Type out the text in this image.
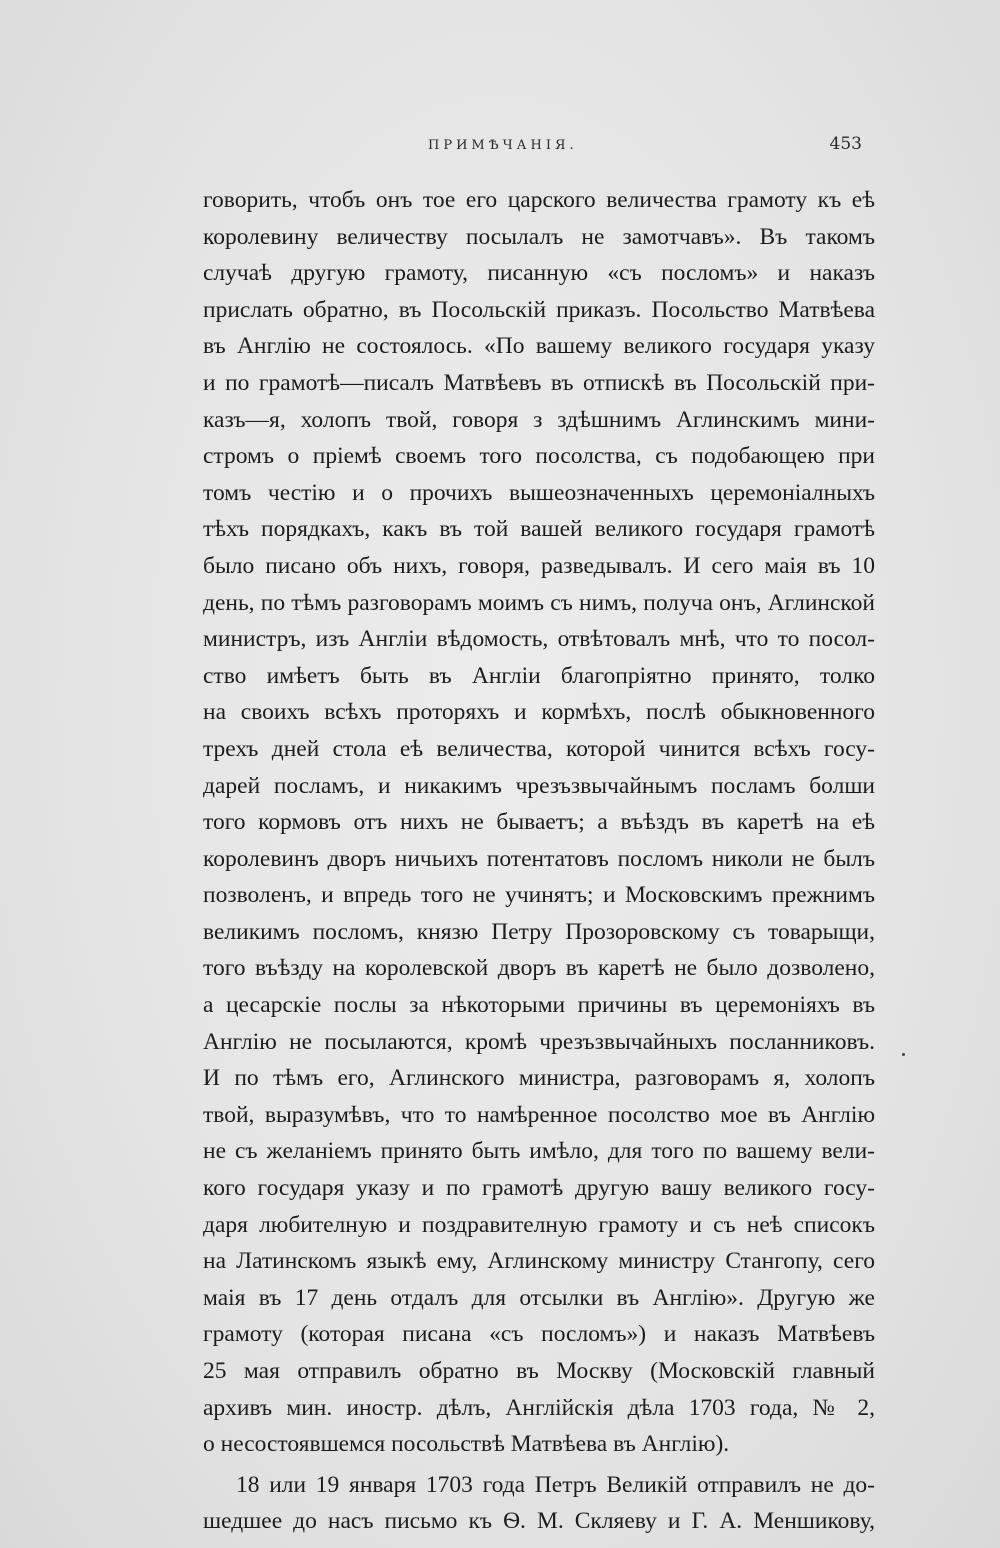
ПРИМѢЧАНІЯ.	453
говорить, чтобъ онъ тое его царского величества грамоту къ еѣ
королевину величеству посылалъ не замотчавъ». Въ такомъ
случаѣ другую грамоту, писанную «съ посломъ» и наказъ
прислать обратно, въ Посольскій приказъ. Посольство Матвѣева
въ Англію не состоялось. «По вашему великого государя указу
и по грамотѣ—писалъ Матвѣевъ въ отпискѣ въ Посольскій при-
казъ—я, холопъ твой, говоря з здѣшнимъ Аглинскимъ мини-
стромъ о пріемѣ своемъ того посолства, съ подобающею при
томъ честію и о прочихъ вышеозначенныхъ церемоніалныхъ
тѣхъ порядкахъ, какъ въ той вашей великого государя грамотѣ
было писано объ нихъ, говоря, разведывалъ. И сего маія въ 10
день, по тѣмъ разговорамъ моимъ съ нимъ, получа онъ, Аглинской
министръ, изъ Англіи вѣдомость, отвѣтовалъ мнѣ, что то посол-
ство имѣетъ быть въ Англіи благопріятно принято, толко
на своихъ всѣхъ проторяхъ и кормѣхъ, послѣ обыкновенного
трехъ дней стола еѣ величества, которой чинится всѣхъ госу-
дарей посламъ, и никакимъ чрезъзвычайнымъ посламъ болши
того кормовъ отъ нихъ не бываетъ; а въѣздъ въ каретѣ на еѣ
королевинъ дворъ ничьихъ потентатовъ посломъ николи не былъ
позволенъ, и впредь того не учинятъ; и Московскимъ прежнимъ
великимъ посломъ, князю Петру Прозоровскому съ товарыщи,
того въѣзду на королевской дворъ въ каретѣ не было дозволено,
а цесарскіе послы за нѣкоторыми причины въ церемоніяхъ въ
Англію не посылаются, кромѣ чрезъзвычайныхъ посланниковъ.
И по тѣмъ его, Аглинского министра, разговорамъ я, холопъ
твой, выразумѣвъ, что то намѣренное посолство мое въ Англію
не съ желаніемъ принято быть имѣло, для того по вашему вели-
кого государя указу и по грамотѣ другую вашу великого госу-
даря любителную и поздравителную грамоту и съ неѣ списокъ
на Латинскомъ языкѣ ему, Аглинскому министру Стангопу, сего
маія въ 17 день отдалъ для отсылки въ Англію». Другую же
грамоту (которая писана «съ посломъ») и наказъ Матвѣевъ
25 мая отправилъ обратно въ Москву (Московскій главный
архивъ мин. иностр. дѣлъ, Англійскія дѣла 1703 года, № 2,
о несостоявшемся посольствѣ Матвѣева въ Англію).
18 или 19 января 1703 года Петръ Великій отправилъ не до-
шедшее до насъ письмо къ Ѳ. М. Скляеву и Г. А. Меншикову,
